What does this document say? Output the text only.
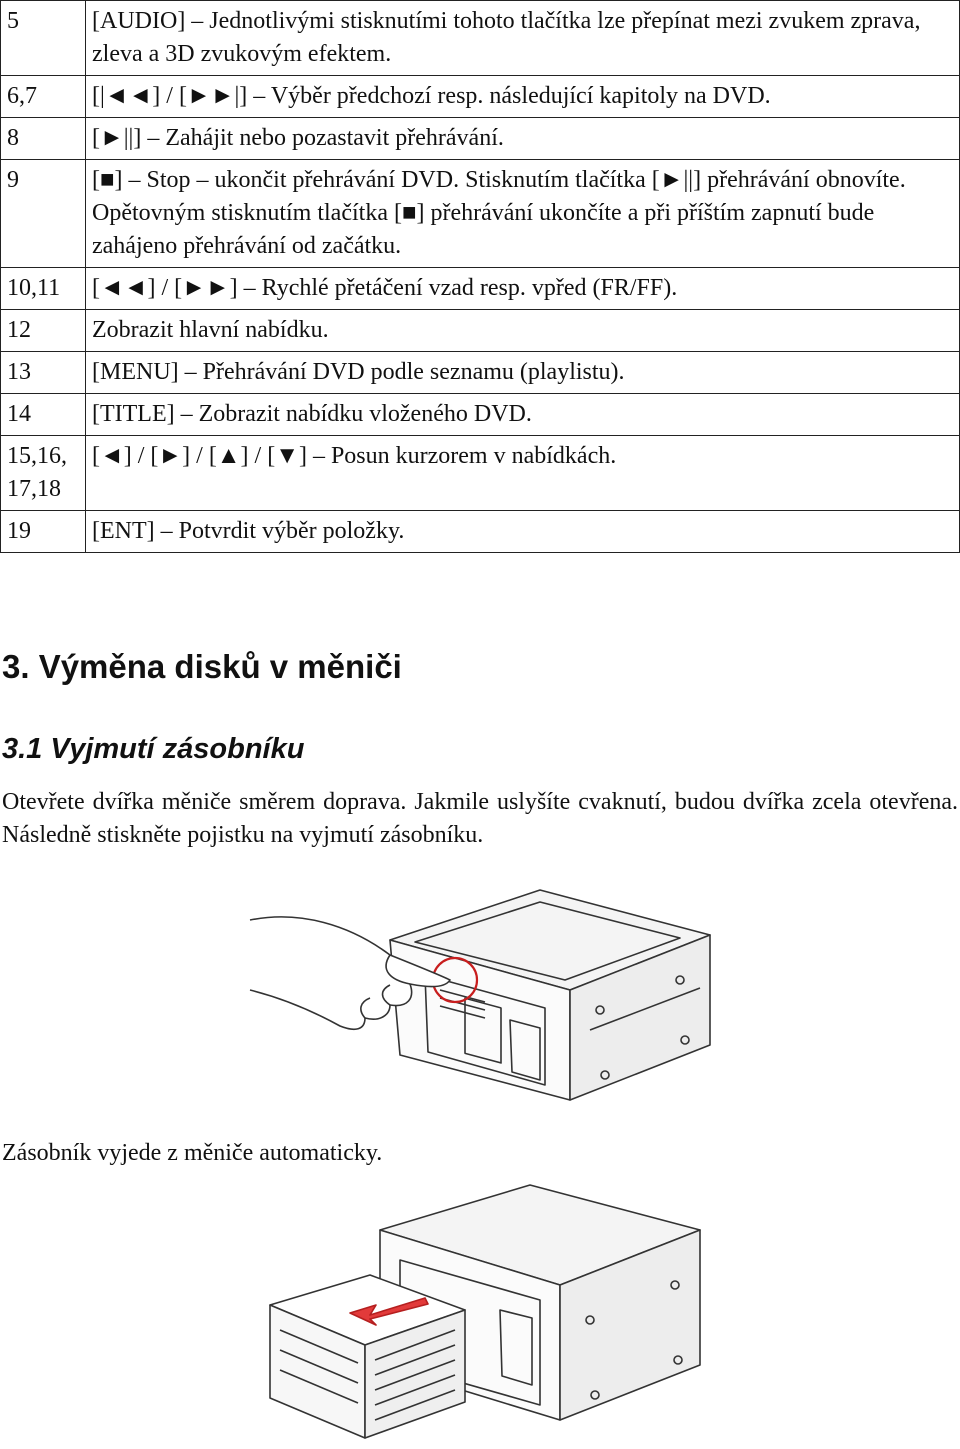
5	[AUDIO] – Jednotlivými stisknutími tohoto tlačítka lze přepínat mezi zvukem zprava, zleva a 3D zvukovým efektem.
6,7	[|◄◄] / [►►|] – Výběr předchozí resp. následující kapitoly na DVD.
8	[►||] – Zahájit nebo pozastavit přehrávání.
9	[■] – Stop – ukončit přehrávání DVD. Stisknutím tlačítka [►||] přehrávání obnovíte. Opětovným stisknutím tlačítka [■] přehrávání ukončíte a při příštím zapnutí bude zahájeno přehrávání od začátku.
10,11	[◄◄] / [►►] – Rychlé přetáčení vzad resp. vpřed (FR/FF).
12	Zobrazit hlavní nabídku.
13	[MENU] – Přehrávání DVD podle seznamu (playlistu).
14	[TITLE] – Zobrazit nabídku vloženého DVD.
15,16, 17,18	[◄] / [►] / [▲] / [▼] – Posun kurzorem v nabídkách.
19	[ENT] – Potvrdit výběr položky.
3. Výměna disků v měniči
3.1 Vyjmutí zásobníku

Otevřete dvířka měniče směrem doprava. Jakmile uslyšíte cvaknutí, budou dvířka zcela otevřena. Následně stiskněte pojistku na vyjmutí zásobníku.

Zásobník vyjede z měniče automaticky.
